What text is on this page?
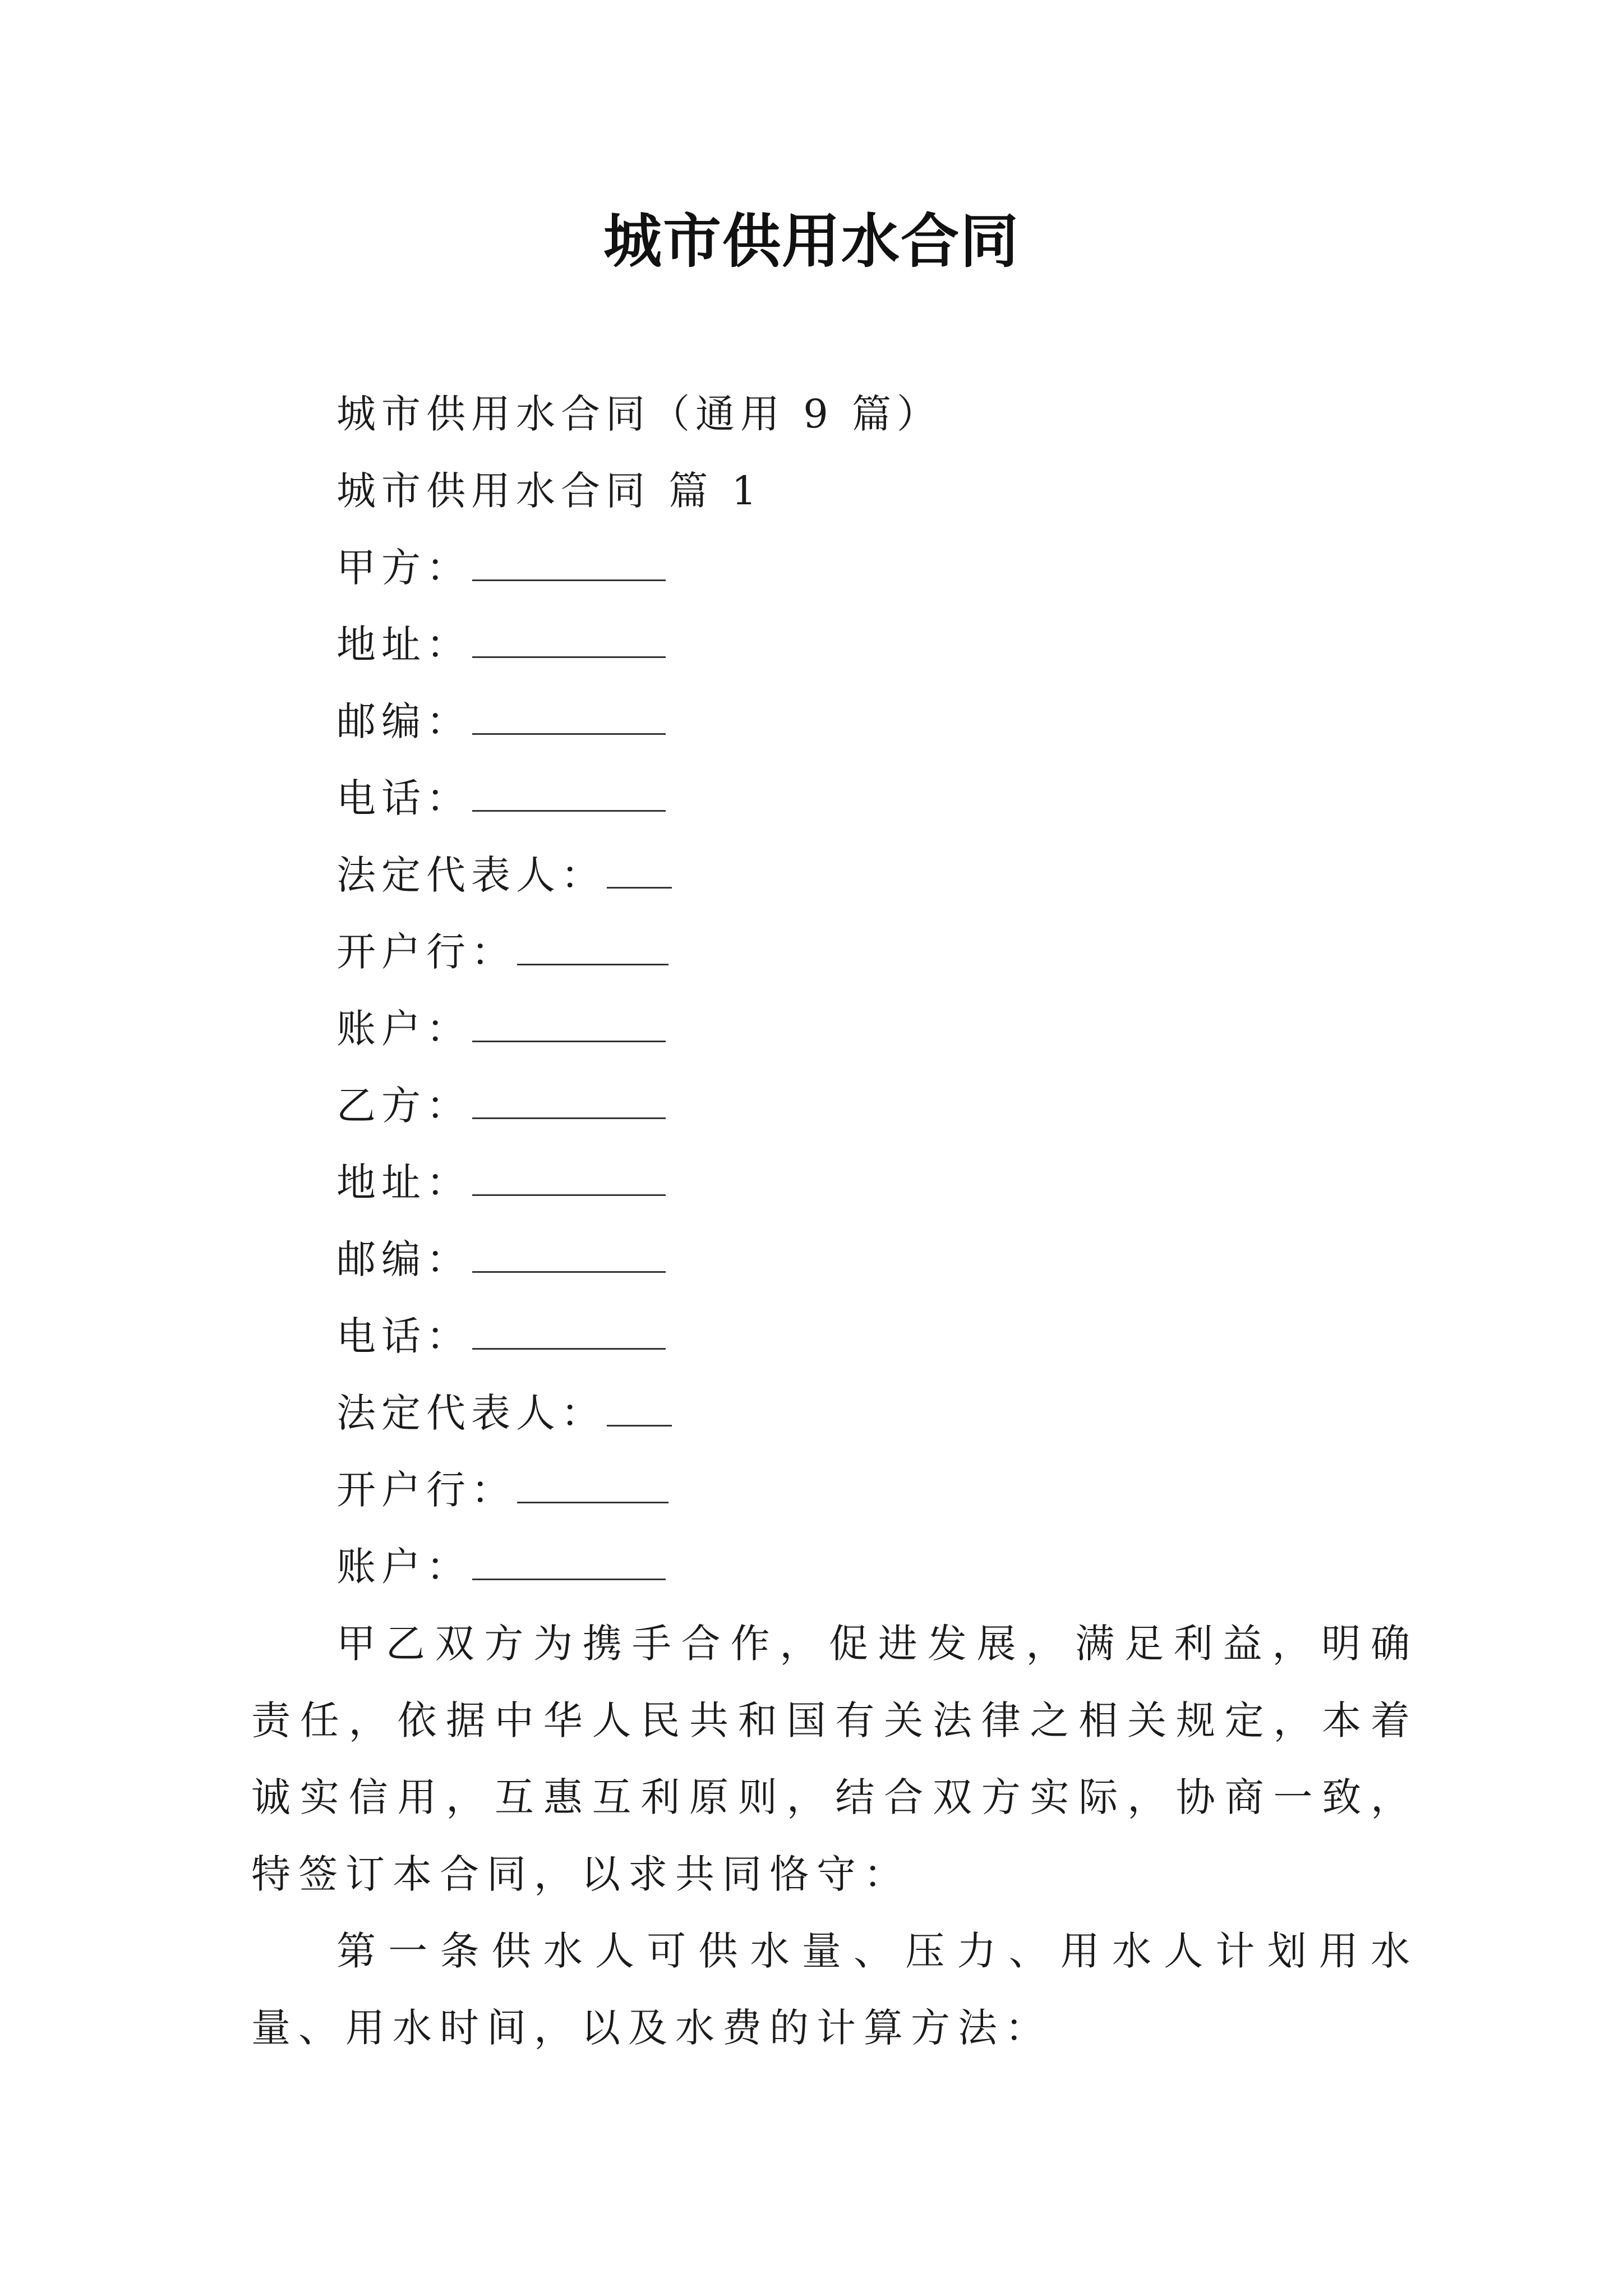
城市供用水合同
城市供用水合同（通用 9 篇）
城市供用水合同 篇 1
甲方：
地址：
邮编：
电话：
法定代表人：
开户行：
账户：
乙方：
地址：
邮编：
电话：
法定代表人：
开户行：
账户：

甲乙双方为携手合作，促进发展，满足利益，明确责任，依据中华人民共和国有关法律之相关规定，本着诚实信用，互惠互利原则，结合双方实际，协商一致，特签订本合同，以求共同恪守：

第一条供水人可供水量、压力、用水人计划用水量、用水时间，以及水费的计算方法：
